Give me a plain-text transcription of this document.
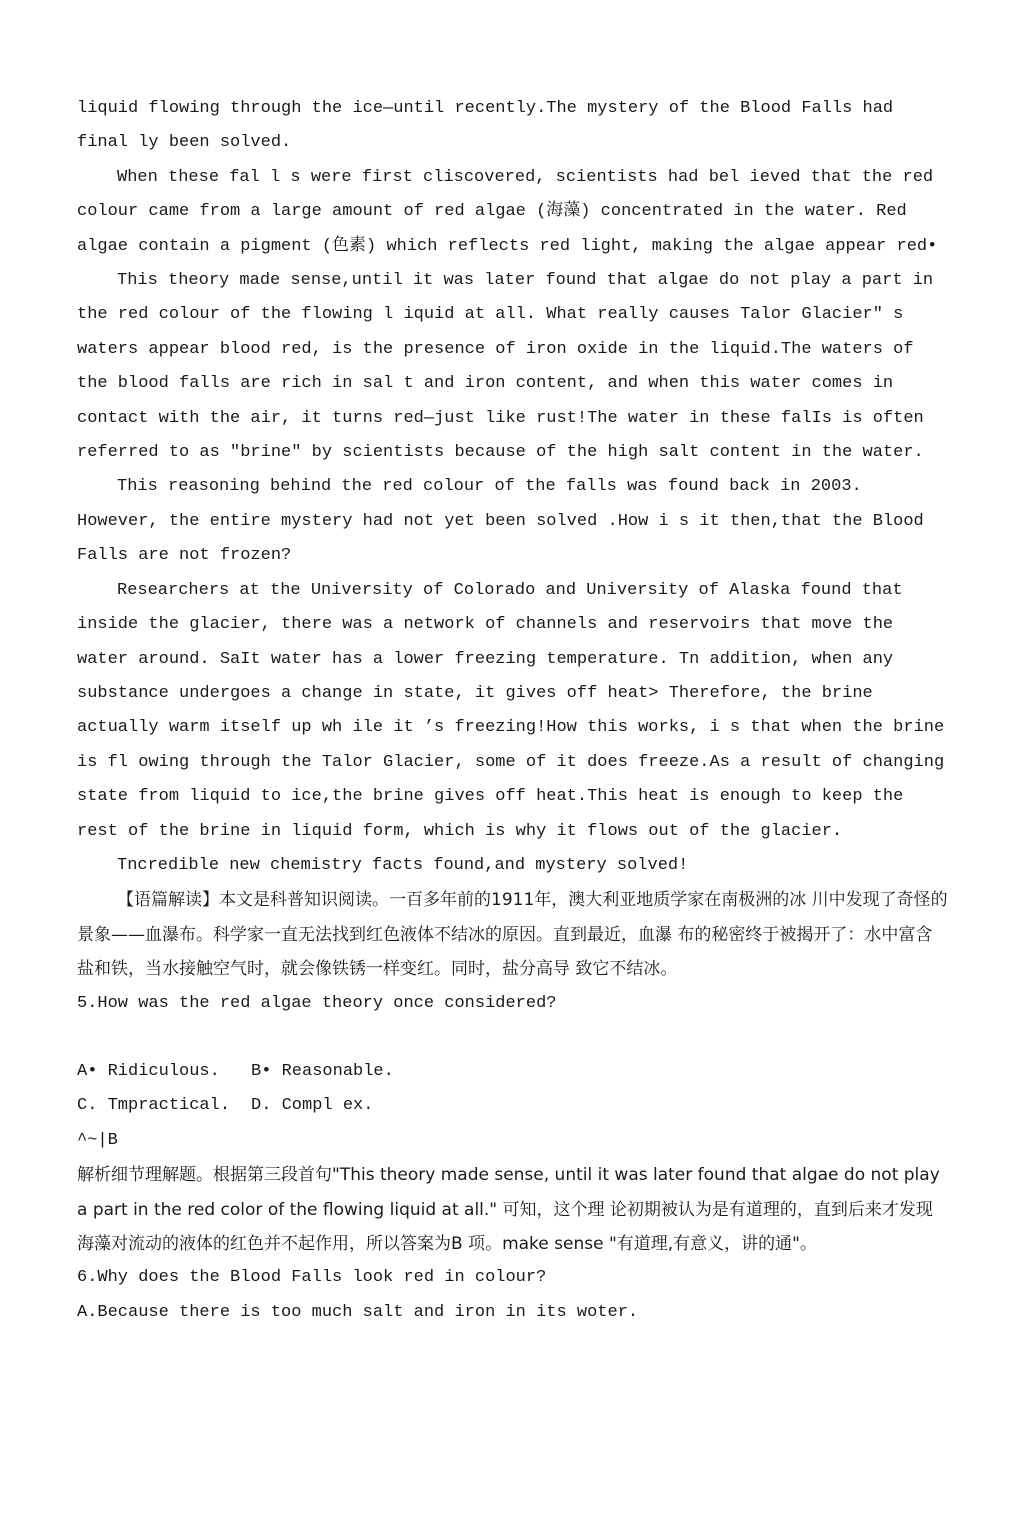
liquid flowing through the ice—until recently.The mystery of the Blood Falls had final ly been solved.

When these fal l s were first cliscovered, scientists had bel ieved that the red colour came from a large amount of red algae (海藻) concentrated in the water. Red algae contain a pigment (色素) which reflects red light, making the algae appear red•

This theory made sense,until it was later found that algae do not play a part in the red colour of the flowing l iquid at all. What really causes Talor Glacier" s waters appear blood red, is the presence of iron oxide in the liquid.The waters of the blood falls are rich in sal t and iron content, and when this water comes in contact with the air, it turns red—just like rust!The water in these falIs is often referred to as "brine" by scientists because of the high salt content in the water.

This reasoning behind the red colour of the falls was found back in 2003. However, the entire mystery had not yet been solved .How i s it then,that the Blood Falls are not frozen?

Researchers at the University of Colorado and University of Alaska found that inside the glacier, there was a network of channels and reservoirs that move the water around. SaIt water has a lower freezing temperature. Tn addition, when any substance undergoes a change in state, it gives off heat> Therefore, the brine actually warm itself up wh ile it ’s freezing!How this works, i s that when the brine is fl owing through the Talor Glacier, some of it does freeze.As a result of changing state from liquid to ice,the brine gives off heat.This heat is enough to keep the rest of the brine in liquid form, which is why it flows out of the glacier.

Tncredible new chemistry facts found,and mystery solved!

【语篇解读】本文是科普知识阅读。一百多年前的1911年，澳大利亚地质学家在南极洲的冰 川中发现了奇怪的景象——血瀑布。科学家一直无法找到红色液体不结冰的原因。直到最近，血瀑 布的秘密终于被揭开了：水中富含盐和铁，当水接触空气时，就会像铁锈一样变红。同时，盐分高导 致它不结冰。

5.How was the red algae theory once considered?

A• Ridiculous. B• Reasonable.
C. Tmpractical. D. Compl ex.

^~|B

解析细节理解题。根据第三段首句"This theory made sense, until it was later found that algae do not play a part in the red color of the flowing liquid at all." 可知，这个理 论初期被认为是有道理的，直到后来才发现海藻对流动的液体的红色并不起作用，所以答案为B 项。make sense "有道理,有意义，讲的通"。

6.Why does the Blood Falls look red in colour?

A.Because there is too much salt and iron in its woter.
